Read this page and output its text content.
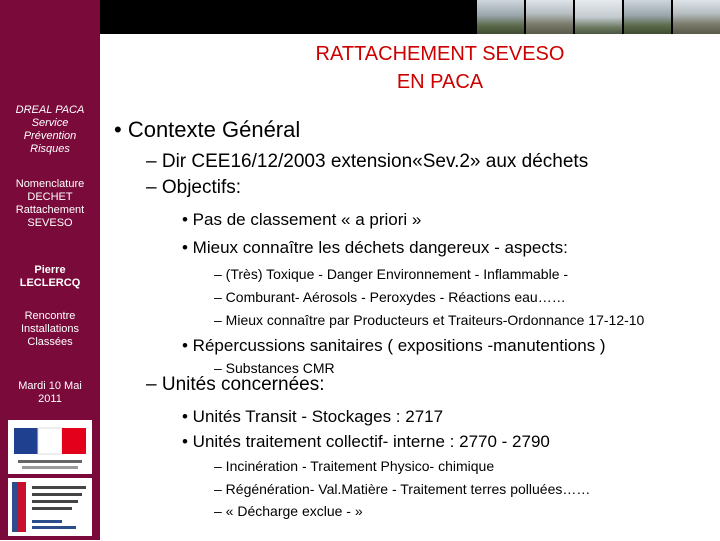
DREAL PACA
Service
Prévention
Risques
Nomenclature
DECHET
Rattachement
SEVESO
Pierre
LECLERCQ
Rencontre
Installations
Classées
Mardi 10 Mai
2011
RATTACHEMENT SEVESO
EN PACA
• Contexte Général
– Dir CEE16/12/2003 extension«Sev.2» aux déchets
– Objectifs:
• Pas de classement « a priori »
• Mieux connaître les déchets dangereux - aspects:
– (Très) Toxique - Danger Environnement - Inflammable -
– Comburant- Aérosols - Peroxydes - Réactions eau……
– Mieux connaître par Producteurs et Traiteurs-Ordonnance 17-12-10
• Répercussions sanitaires ( expositions -manutentions )
– Substances CMR
– Unités concernées:
• Unités Transit - Stockages : 2717
• Unités traitement collectif- interne : 2770 - 2790
– Incinération - Traitement Physico- chimique
– Régénération- Val.Matière - Traitement terres polluées……
– « Décharge exclue - »
